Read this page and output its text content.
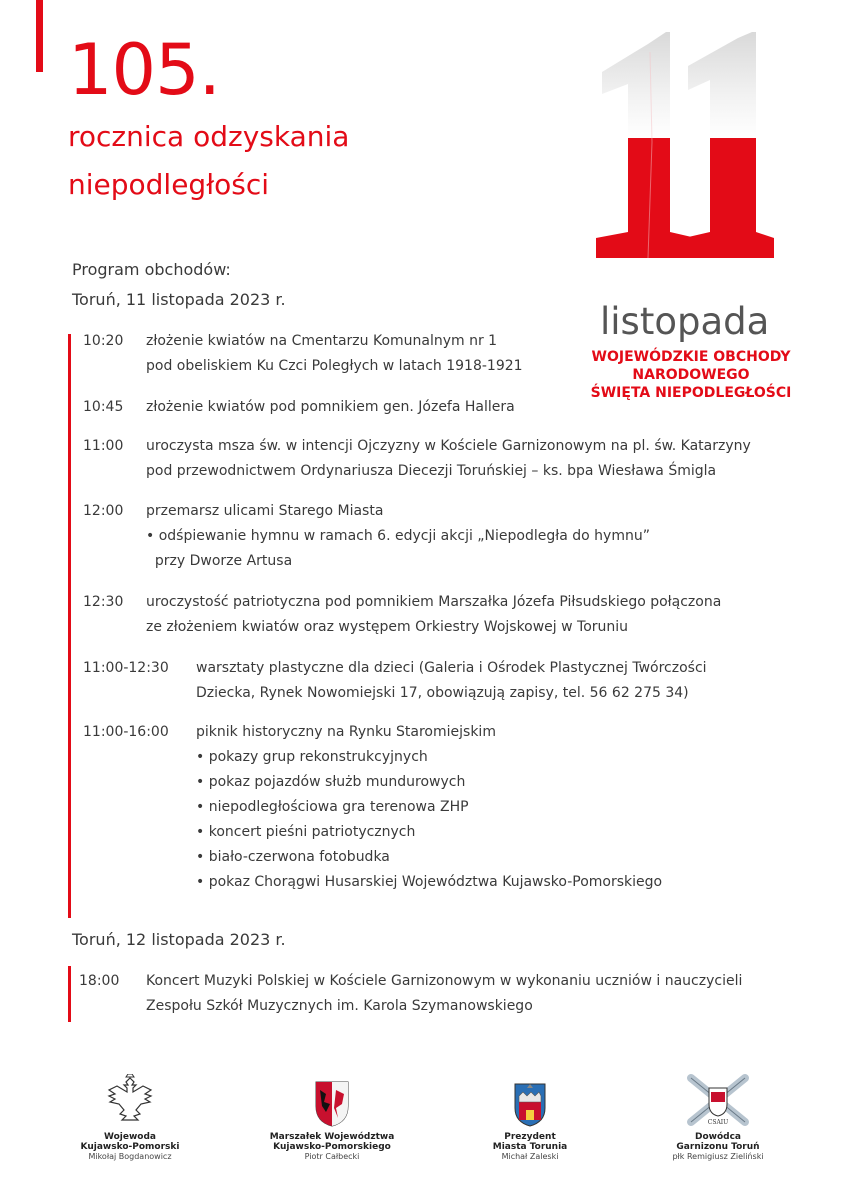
105.
rocznica odzyskania
niepodległości
listopada
WOJEWÓDZKIE OBCHODY
NARODOWEGO
ŚWIĘTA NIEPODLEGŁOŚCI
Program obchodów:
Toruń, 11 listopada 2023 r.
10:20 złożenie kwiatów na Cmentarzu Komunalnym nr 1
pod obeliskiem Ku Czci Poległych w latach 1918-1921
10:45 złożenie kwiatów pod pomnikiem gen. Józefa Hallera
11:00 uroczysta msza św. w intencji Ojczyzny w Kościele Garnizonowym na pl. św. Katarzyny
pod przewodnictwem Ordynariusza Diecezji Toruńskiej – ks. bpa Wiesława Śmigla
12:00 przemarsz ulicami Starego Miasta
• odśpiewanie hymnu w ramach 6. edycji akcji „Niepodległa do hymnu”
przy Dworze Artusa
12:30 uroczystość patriotyczna pod pomnikiem Marszałka Józefa Piłsudskiego połączona
ze złożeniem kwiatów oraz występem Orkiestry Wojskowej w Toruniu
11:00-12:30 warsztaty plastyczne dla dzieci (Galeria i Ośrodek Plastycznej Twórczości
Dziecka, Rynek Nowomiejski 17, obowiązują zapisy, tel. 56 62 275 34)
11:00-16:00 piknik historyczny na Rynku Staromiejskim
• pokazy grup rekonstrukcyjnych
• pokaz pojazdów służb mundurowych
• niepodległościowa gra terenowa ZHP
• koncert pieśni patriotycznych
• biało-czerwona fotobudka
• pokaz Chorągwi Husarskiej Województwa Kujawsko-Pomorskiego
Toruń, 12 listopada 2023 r.
18:00 Koncert Muzyki Polskiej w Kościele Garnizonowym w wykonaniu uczniów i nauczycieli
Zespołu Szkół Muzycznych im. Karola Szymanowskiego
Wojewoda
Kujawsko-Pomorski
Mikołaj Bogdanowicz
Marszałek Województwa
Kujawsko-Pomorskiego
Piotr Całbecki
Prezydent
Miasta Torunia
Michał Zaleski
CSAIU
Dowódca
Garnizonu Toruń
płk Remigiusz Zieliński
